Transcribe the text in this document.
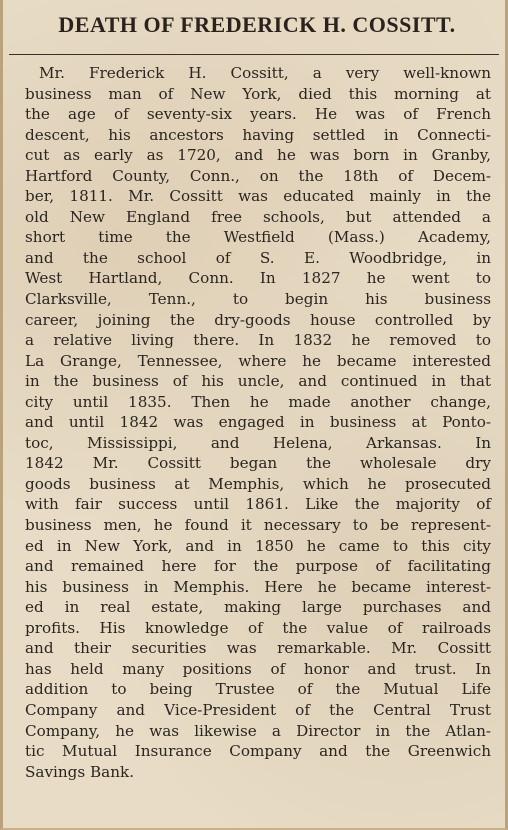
DEATH OF FREDERICK H. COSSITT.
Mr. Frederick H. Cossitt, a very well-known
business man of New York, died this morning at
the age of seventy-six years. He was of French
descent, his ancestors having settled in Connecti-
cut as early as 1720, and he was born in Granby,
Hartford County, Conn., on the 18th of Decem-
ber, 1811. Mr. Cossitt was educated mainly in the
old New England free schools, but attended a
short time the Westfield (Mass.) Academy,
and the school of S. E. Woodbridge, in
West Hartland, Conn. In 1827 he went to
Clarksville, Tenn., to begin his business
career, joining the dry-goods house controlled by
a relative living there. In 1832 he removed to
La Grange, Tennessee, where he became interested
in the business of his uncle, and continued in that
city until 1835. Then he made another change,
and until 1842 was engaged in business at Ponto-
toc, Mississippi, and Helena, Arkansas. In
1842 Mr. Cossitt began the wholesale dry
goods business at Memphis, which he prosecuted
with fair success until 1861. Like the majority of
business men, he found it necessary to be represent-
ed in New York, and in 1850 he came to this city
and remained here for the purpose of facilitating
his business in Memphis. Here he became interest-
ed in real estate, making large purchases and
profits. His knowledge of the value of railroads
and their securities was remarkable. Mr. Cossitt
has held many positions of honor and trust. In
addition to being Trustee of the Mutual Life
Company and Vice-President of the Central Trust
Company, he was likewise a Director in the Atlan-
tic Mutual Insurance Company and the Greenwich
Savings Bank.
